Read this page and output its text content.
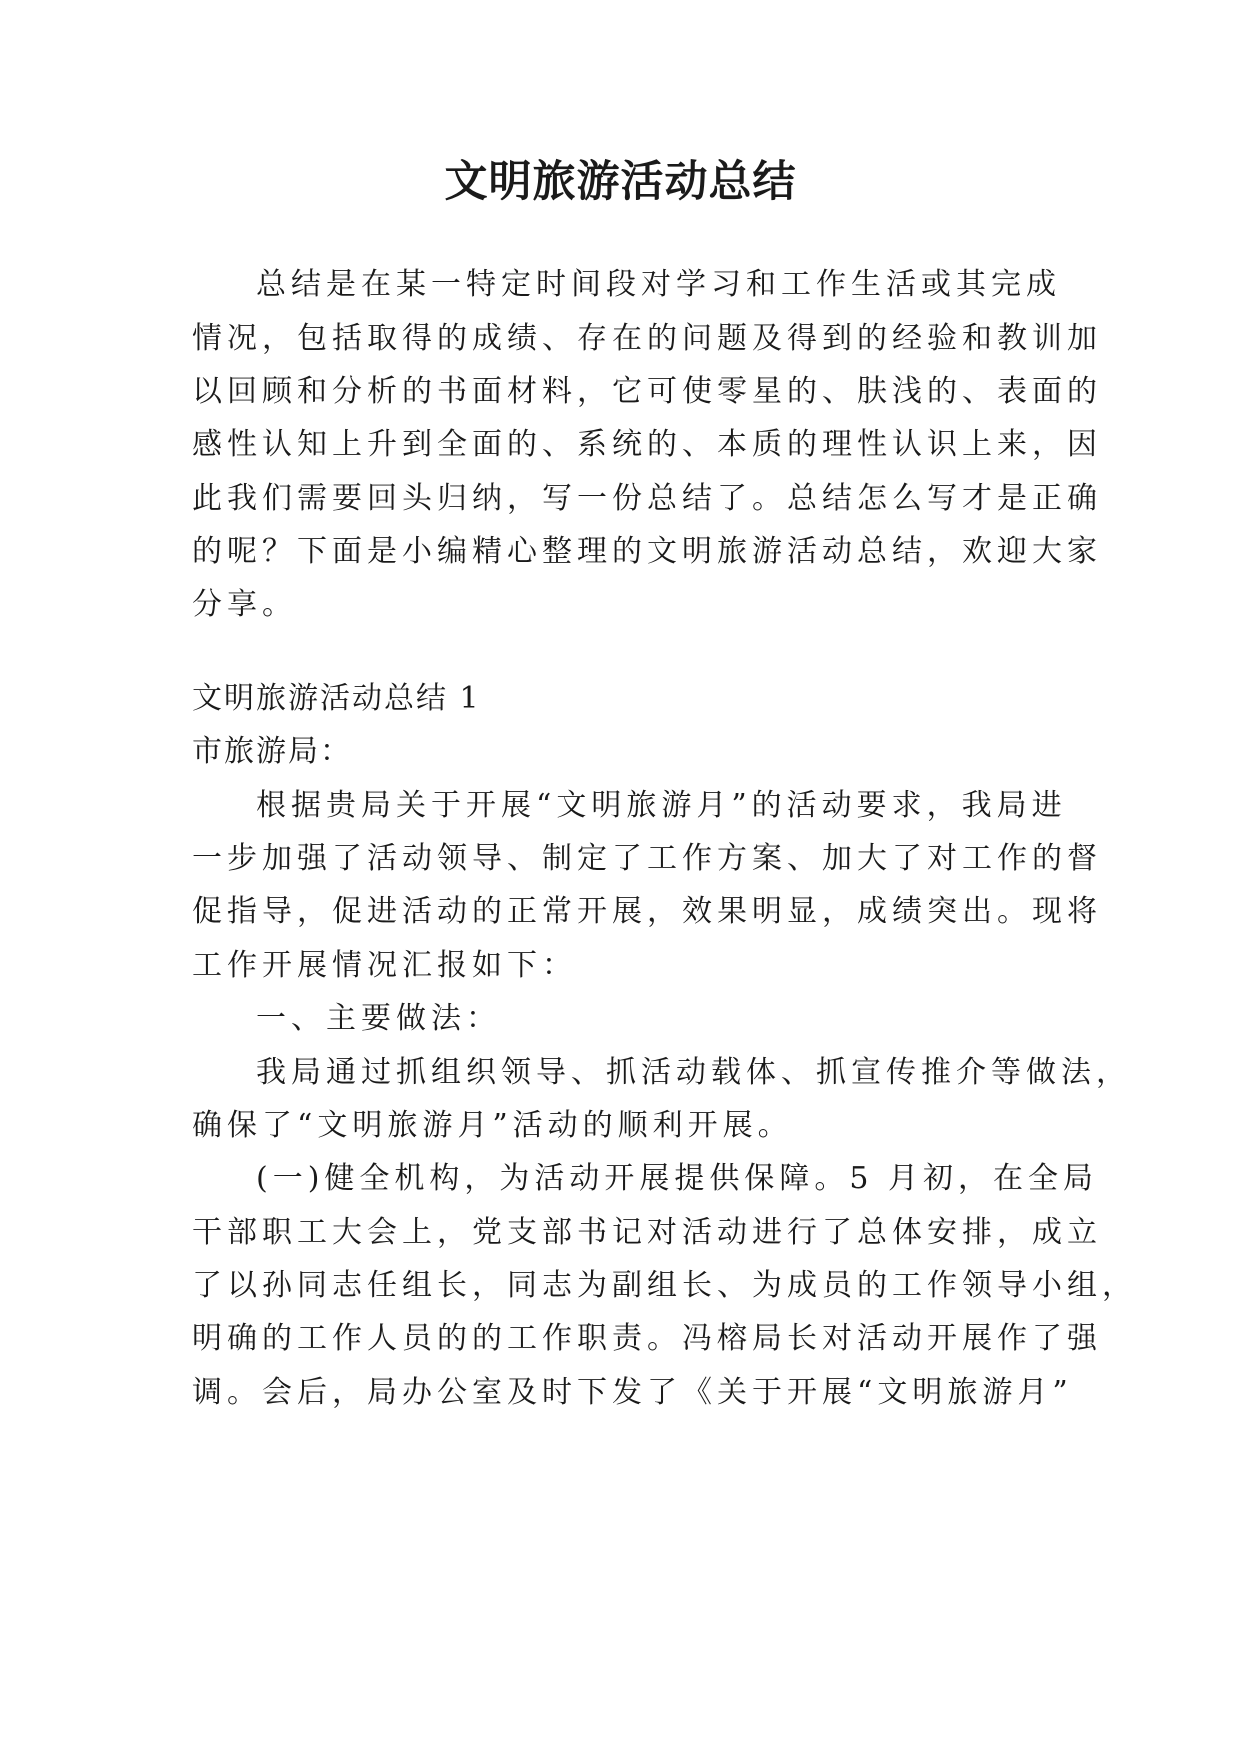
文明旅游活动总结

总结是在某一特定时间段对学习和工作生活或其完成

情况，包括取得的成绩、存在的问题及得到的经验和教训加

以回顾和分析的书面材料，它可使零星的、肤浅的、表面的

感性认知上升到全面的、系统的、本质的理性认识上来，因

此我们需要回头归纳，写一份总结了。总结怎么写才是正确

的呢？下面是小编精心整理的文明旅游活动总结，欢迎大家

分享。

文明旅游活动总结 1

市旅游局：

根据贵局关于开展“文明旅游月”的活动要求，我局进

一步加强了活动领导、制定了工作方案、加大了对工作的督

促指导，促进活动的正常开展，效果明显，成绩突出。现将

工作开展情况汇报如下：

一、主要做法：

我局通过抓组织领导、抓活动载体、抓宣传推介等做法，

确保了“文明旅游月”活动的顺利开展。

(一)健全机构，为活动开展提供保障。5 月初，在全局

干部职工大会上，党支部书记对活动进行了总体安排，成立

了以孙同志任组长，同志为副组长、为成员的工作领导小组，

明确的工作人员的的工作职责。冯榕局长对活动开展作了强

调。会后，局办公室及时下发了《关于开展“文明旅游月”
